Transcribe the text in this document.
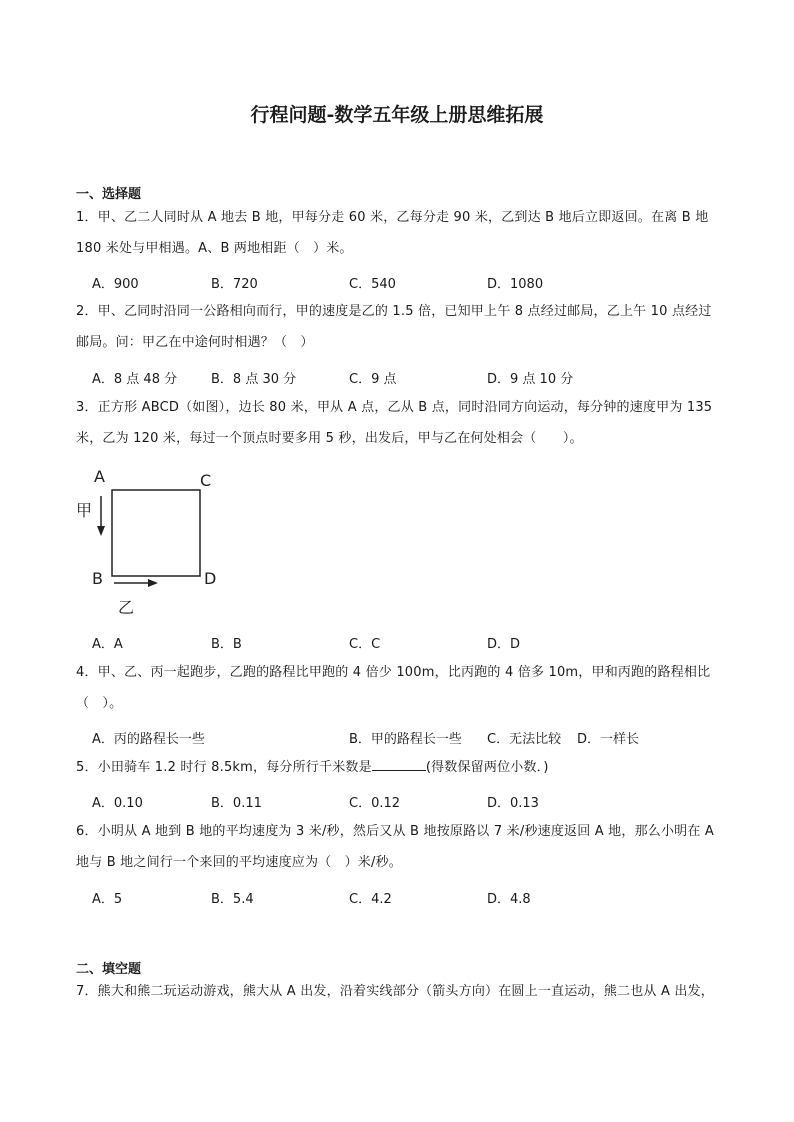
行程问题-数学五年级上册思维拓展
一、选择题
1．甲、乙二人同时从 A 地去 B 地，甲每分走 60 米，乙每分走 90 米，乙到达 B 地后立即返回。在离 B 地
180 米处与甲相遇。A、B 两地相距（　）米。
A．900	B．720	C．540	D．1080
2．甲、乙同时沿同一公路相向而行，甲的速度是乙的 1.5 倍，已知甲上午 8 点经过邮局，乙上午 10 点经过
邮局。问：甲乙在中途何时相遇？（　）
A．8 点 48 分	B．8 点 30 分	C．9 点	D．9 点 10 分
3．正方形 ABCD（如图），边长 80 米，甲从 A 点，乙从 B 点，同时沿同方向运动，每分钟的速度甲为 135
米，乙为 120 米，每过一个顶点时要多用 5 秒，出发后，甲与乙在何处相会（　　）。
A	C
B	D
甲
乙
A．A	B．B	C．C	D．D
4．甲、乙、丙一起跑步，乙跑的路程比甲跑的 4 倍少 100m，比丙跑的 4 倍多 10m，甲和丙跑的路程相比
（　）。
A．丙的路程长一些	B．甲的路程长一些 C．无法比较 D．一样长
5．小田骑车 1.2 时行 8.5km，每分所行千米数是	(得数保留两位小数．)
A．0.10	B．0.11	C．0.12	D．0.13
6．小明从 A 地到 B 地的平均速度为 3 米/秒，然后又从 B 地按原路以 7 米/秒速度返回 A 地，那么小明在 A
地与 B 地之间行一个来回的平均速度应为（　）米/秒。
A．5	B．5.4	C．4.2	D．4.8
二、填空题
7．熊大和熊二玩运动游戏，熊大从 A 出发，沿着实线部分（箭头方向）在圆上一直运动，熊二也从 A 出发，
